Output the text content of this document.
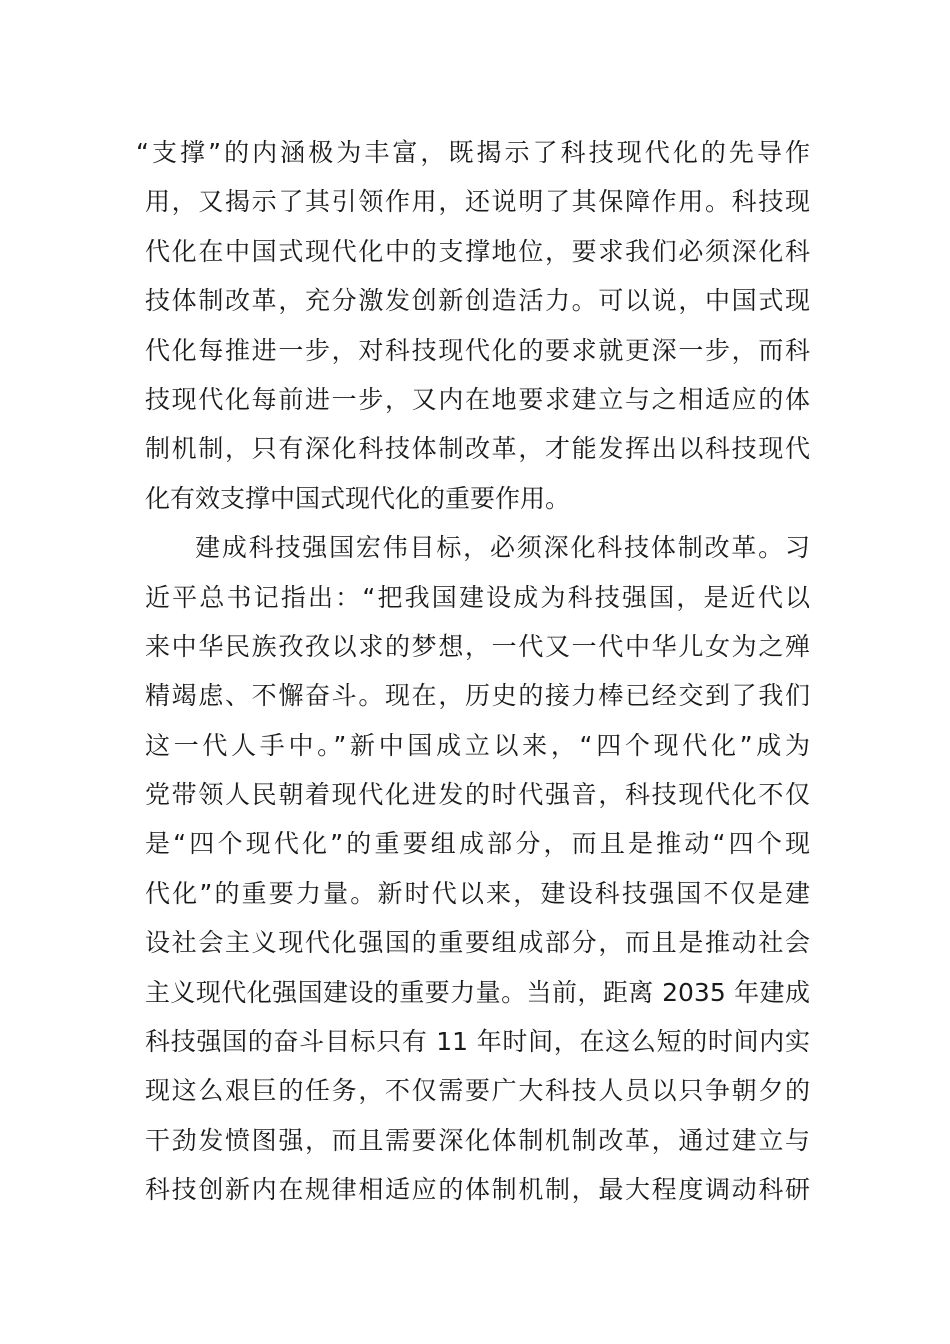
“支撑”的内涵极为丰富，既揭示了科技现代化的先导作
用，又揭示了其引领作用，还说明了其保障作用。科技现
代化在中国式现代化中的支撑地位，要求我们必须深化科
技体制改革，充分激发创新创造活力。可以说，中国式现
代化每推进一步，对科技现代化的要求就更深一步，而科
技现代化每前进一步，又内在地要求建立与之相适应的体
制机制，只有深化科技体制改革，才能发挥出以科技现代
化有效支撑中国式现代化的重要作用。
建成科技强国宏伟目标，必须深化科技体制改革。习
近平总书记指出：“把我国建设成为科技强国，是近代以
来中华民族孜孜以求的梦想，一代又一代中华儿女为之殚
精竭虑、不懈奋斗。现在，历史的接力棒已经交到了我们
这一代人手中。”新中国成立以来，“四个现代化”成为
党带领人民朝着现代化进发的时代强音，科技现代化不仅
是“四个现代化”的重要组成部分，而且是推动“四个现
代化”的重要力量。新时代以来，建设科技强国不仅是建
设社会主义现代化强国的重要组成部分，而且是推动社会
主义现代化强国建设的重要力量。当前，距离 2035 年建成
科技强国的奋斗目标只有 11 年时间，在这么短的时间内实
现这么艰巨的任务，不仅需要广大科技人员以只争朝夕的
干劲发愤图强，而且需要深化体制机制改革，通过建立与
科技创新内在规律相适应的体制机制，最大程度调动科研
